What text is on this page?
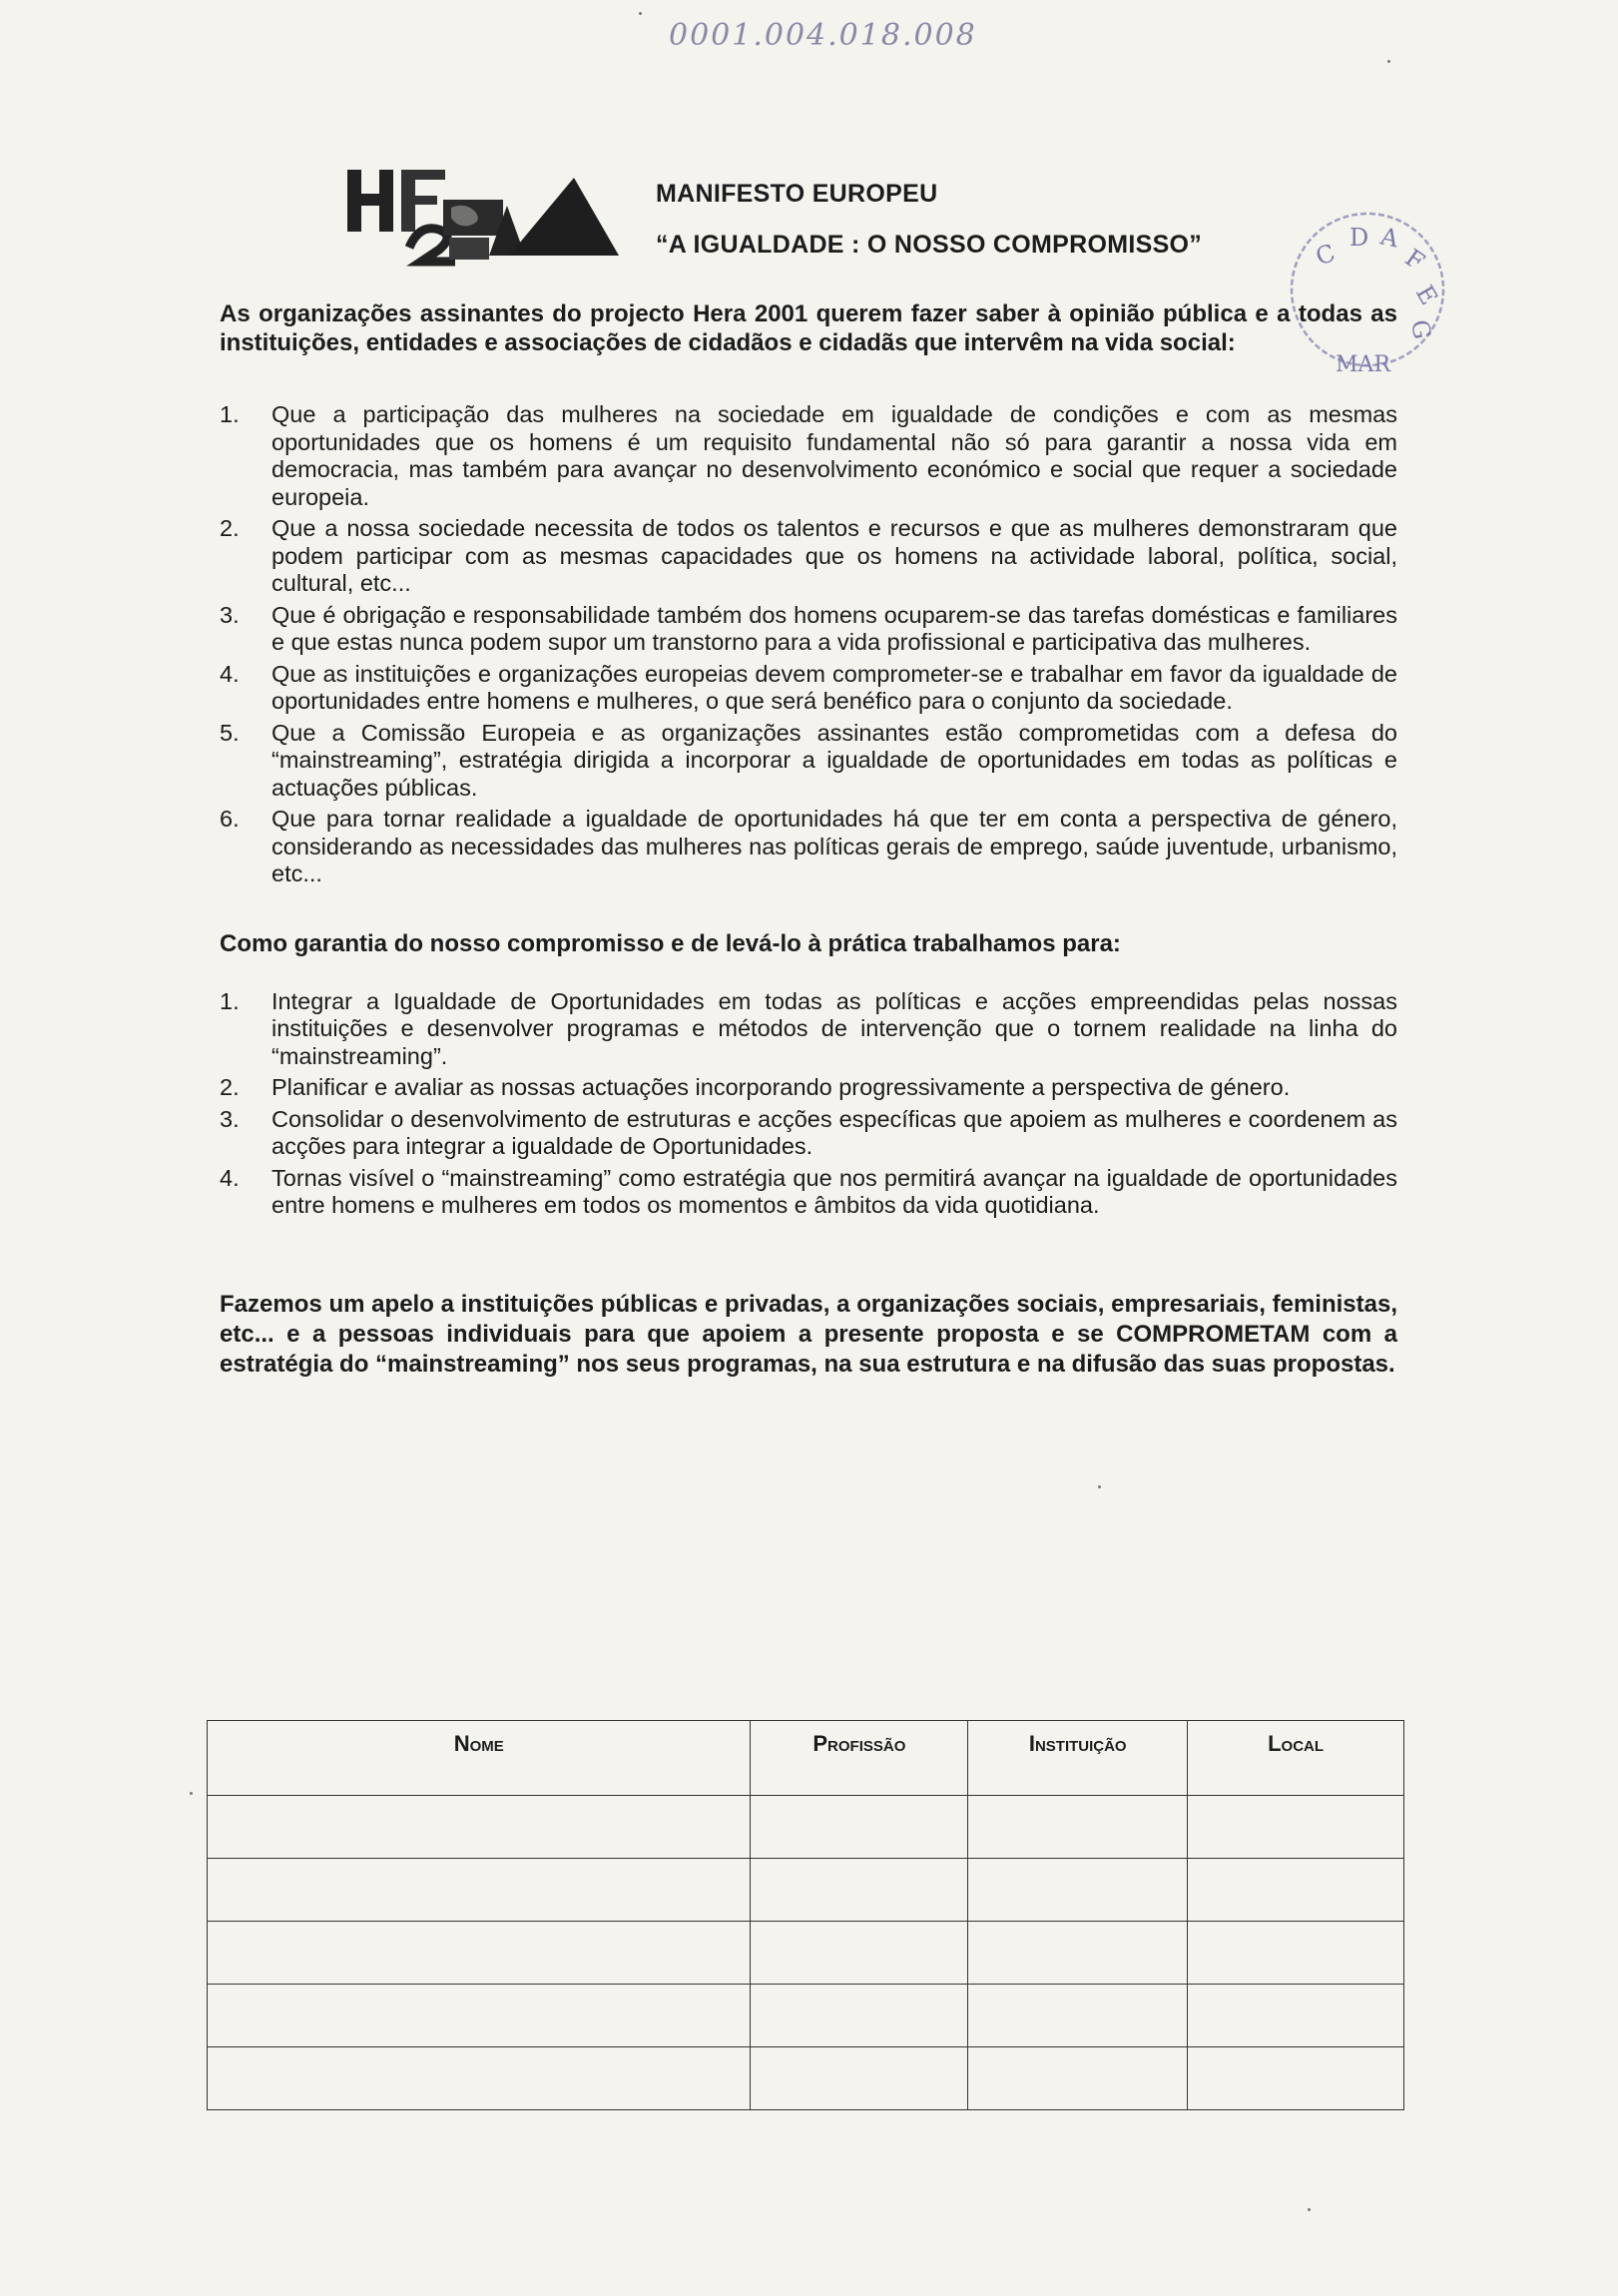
0001.004.018.008
MANIFESTO EUROPEU
“A IGUALDADE : O NOSSO COMPROMISSO”	C
D A
F
E
G
MAR

As organizações assinantes do projecto Hera 2001 querem fazer saber à opinião pública e a todas as instituições, entidades e associações de cidadãos e cidadãs que intervêm na vida social:

1.	Que a participação das mulheres na sociedade em igualdade de condições e com as mesmas oportunidades que os homens é um requisito fundamental não só para garantir a nossa vida em democracia, mas também para avançar no desenvolvimento económico e social que requer a sociedade europeia.
2.	Que a nossa sociedade necessita de todos os talentos e recursos e que as mulheres demonstraram que podem participar com as mesmas capacidades que os homens na actividade laboral, política, social, cultural, etc...
3.	Que é obrigação e responsabilidade também dos homens ocuparem-se das tarefas domésticas e familiares e que estas nunca podem supor um transtorno para a vida profissional e participativa das mulheres.
4.	Que as instituições e organizações europeias devem comprometer-se e trabalhar em favor da igualdade de oportunidades entre homens e mulheres, o que será benéfico para o conjunto da sociedade.
5.	Que a Comissão Europeia e as organizações assinantes estão comprometidas com a defesa do “mainstreaming”, estratégia dirigida a incorporar a igualdade de oportunidades em todas as políticas e actuações públicas.
6.	Que para tornar realidade a igualdade de oportunidades há que ter em conta a perspectiva de género, considerando as necessidades das mulheres nas políticas gerais de emprego, saúde juventude, urbanismo, etc...
Como garantia do nosso compromisso e de levá-lo à prática trabalhamos para:
1.	Integrar a Igualdade de Oportunidades em todas as políticas e acções empreendidas pelas nossas instituições e desenvolver programas e métodos de intervenção que o tornem realidade na linha do “mainstreaming”.
2.	Planificar e avaliar as nossas actuações incorporando progressivamente a perspectiva de género.
3.	Consolidar o desenvolvimento de estruturas e acções específicas que apoiem as mulheres e coordenem as acções para integrar a igualdade de Oportunidades.
4.	Tornas visível o “mainstreaming” como estratégia que nos permitirá avançar na igualdade de oportunidades entre homens e mulheres em todos os momentos e âmbitos da vida quotidiana.

Fazemos um apelo a instituições públicas e privadas, a organizações sociais, empresariais, feministas, etc... e a pessoas individuais para que apoiem a presente proposta e se COMPROMETAM com a estratégia do “mainstreaming” nos seus programas, na sua estrutura e na difusão das suas propostas.

Nome	Profissão	Instituição	Local
